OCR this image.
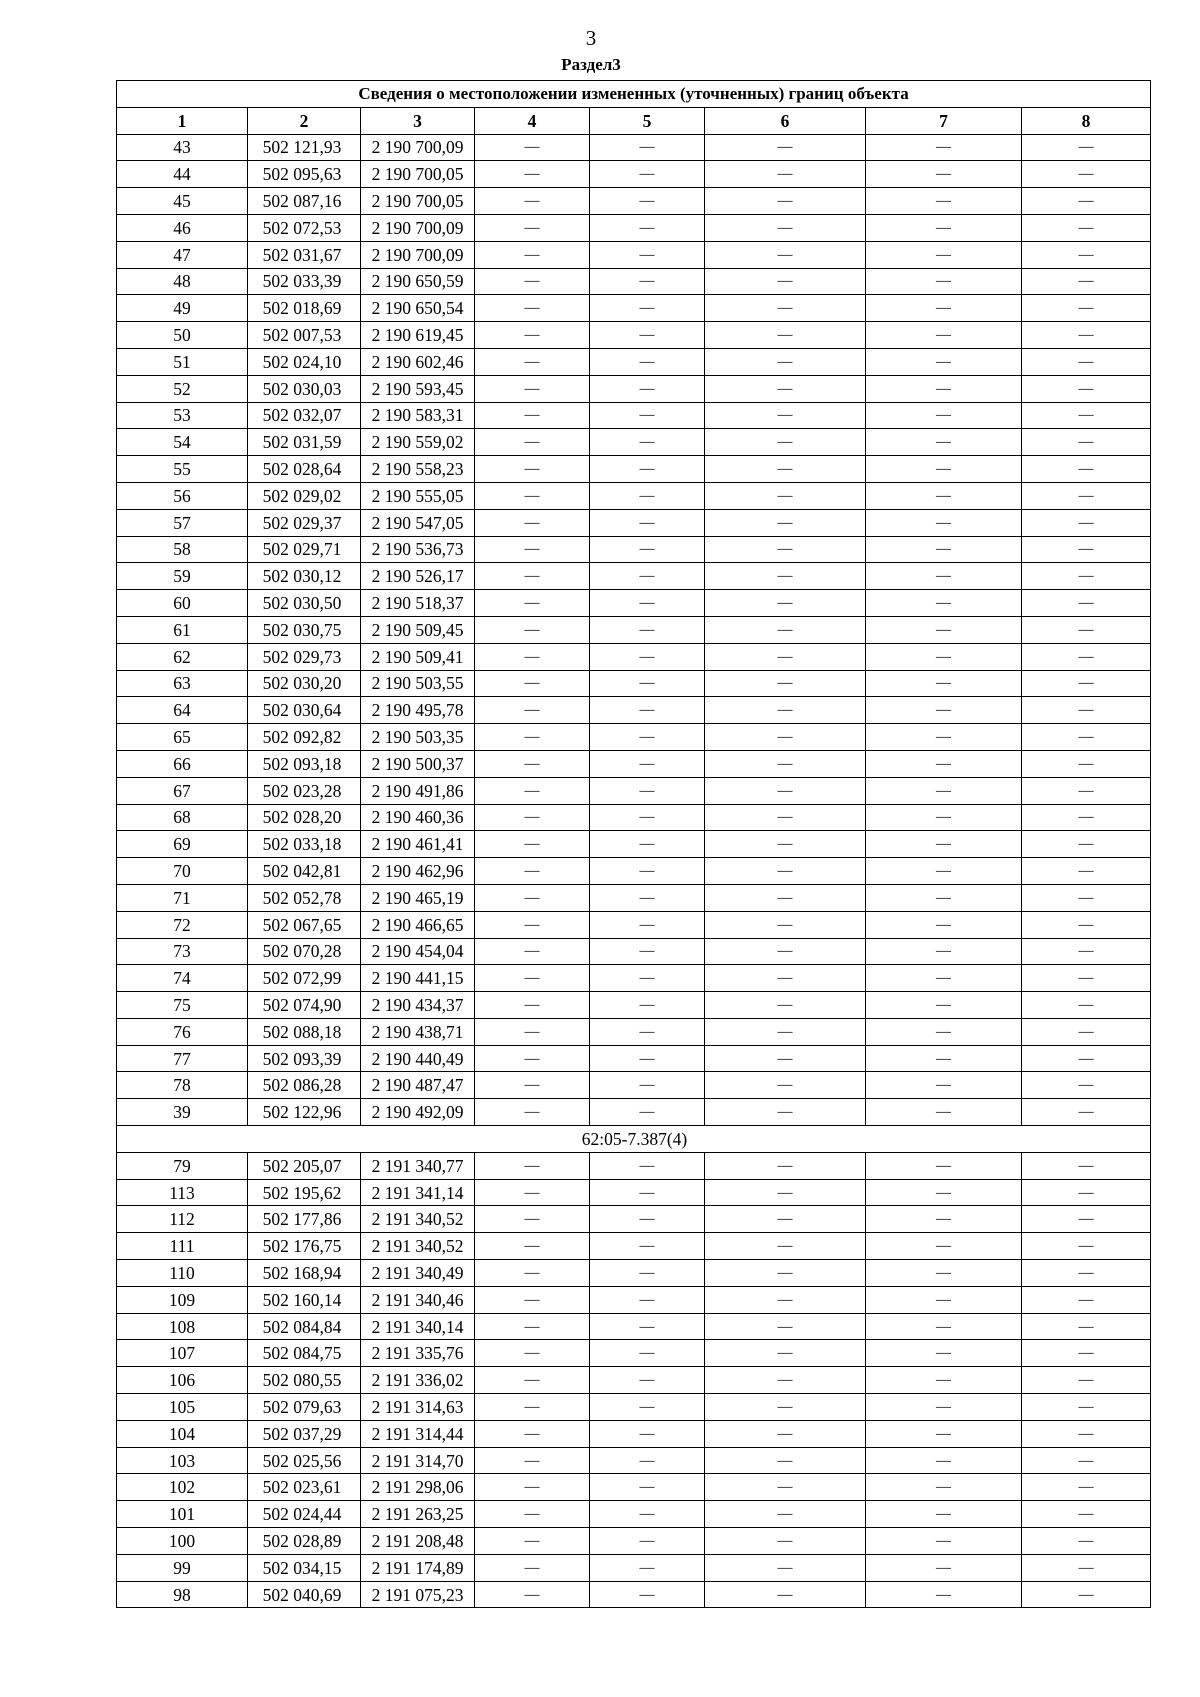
3
Раздел3
Сведения о местоположении измененных (уточненных) границ объекта							
1	2	3	4	5	6	7	8
43	502 121,93	2 190 700,09	—	—	—	—	—
44	502 095,63	2 190 700,05	—	—	—	—	—
45	502 087,16	2 190 700,05	—	—	—	—	—
46	502 072,53	2 190 700,09	—	—	—	—	—
47	502 031,67	2 190 700,09	—	—	—	—	—
48	502 033,39	2 190 650,59	—	—	—	—	—
49	502 018,69	2 190 650,54	—	—	—	—	—
50	502 007,53	2 190 619,45	—	—	—	—	—
51	502 024,10	2 190 602,46	—	—	—	—	—
52	502 030,03	2 190 593,45	—	—	—	—	—
53	502 032,07	2 190 583,31	—	—	—	—	—
54	502 031,59	2 190 559,02	—	—	—	—	—
55	502 028,64	2 190 558,23	—	—	—	—	—
56	502 029,02	2 190 555,05	—	—	—	—	—
57	502 029,37	2 190 547,05	—	—	—	—	—
58	502 029,71	2 190 536,73	—	—	—	—	—
59	502 030,12	2 190 526,17	—	—	—	—	—
60	502 030,50	2 190 518,37	—	—	—	—	—
61	502 030,75	2 190 509,45	—	—	—	—	—
62	502 029,73	2 190 509,41	—	—	—	—	—
63	502 030,20	2 190 503,55	—	—	—	—	—
64	502 030,64	2 190 495,78	—	—	—	—	—
65	502 092,82	2 190 503,35	—	—	—	—	—
66	502 093,18	2 190 500,37	—	—	—	—	—
67	502 023,28	2 190 491,86	—	—	—	—	—
68	502 028,20	2 190 460,36	—	—	—	—	—
69	502 033,18	2 190 461,41	—	—	—	—	—
70	502 042,81	2 190 462,96	—	—	—	—	—
71	502 052,78	2 190 465,19	—	—	—	—	—
72	502 067,65	2 190 466,65	—	—	—	—	—
73	502 070,28	2 190 454,04	—	—	—	—	—
74	502 072,99	2 190 441,15	—	—	—	—	—
75	502 074,90	2 190 434,37	—	—	—	—	—
76	502 088,18	2 190 438,71	—	—	—	—	—
77	502 093,39	2 190 440,49	—	—	—	—	—
78	502 086,28	2 190 487,47	—	—	—	—	—
39	502 122,96	2 190 492,09	—	—	—	—	—
62:05-7.387(4)							
79	502 205,07	2 191 340,77	—	—	—	—	—
113	502 195,62	2 191 341,14	—	—	—	—	—
112	502 177,86	2 191 340,52	—	—	—	—	—
111	502 176,75	2 191 340,52	—	—	—	—	—
110	502 168,94	2 191 340,49	—	—	—	—	—
109	502 160,14	2 191 340,46	—	—	—	—	—
108	502 084,84	2 191 340,14	—	—	—	—	—
107	502 084,75	2 191 335,76	—	—	—	—	—
106	502 080,55	2 191 336,02	—	—	—	—	—
105	502 079,63	2 191 314,63	—	—	—	—	—
104	502 037,29	2 191 314,44	—	—	—	—	—
103	502 025,56	2 191 314,70	—	—	—	—	—
102	502 023,61	2 191 298,06	—	—	—	—	—
101	502 024,44	2 191 263,25	—	—	—	—	—
100	502 028,89	2 191 208,48	—	—	—	—	—
99	502 034,15	2 191 174,89	—	—	—	—	—
98	502 040,69	2 191 075,23	—	—	—	—	—
